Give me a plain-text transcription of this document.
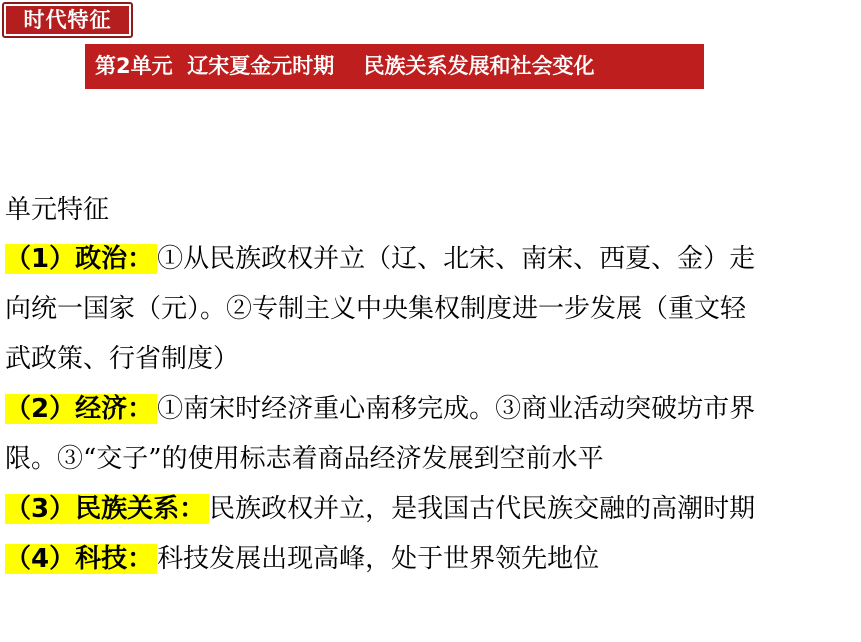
时代特征
第2单元  辽宋夏金元时期    民族关系发展和社会变化
单元特征
（1）政治： ①从民族政权并立（辽、北宋、南宋、西夏、金）走
向统一国家（元）。②专制主义中央集权制度进一步发展（重文轻
武政策、行省制度）
（2）经济： ①南宋时经济重心南移完成。③商业活动突破坊市界
限。③“交子”的使用标志着商品经济发展到空前水平
（3）民族关系： 民族政权并立，是我国古代民族交融的高潮时期
（4）科技： 科技发展出现高峰，处于世界领先地位
